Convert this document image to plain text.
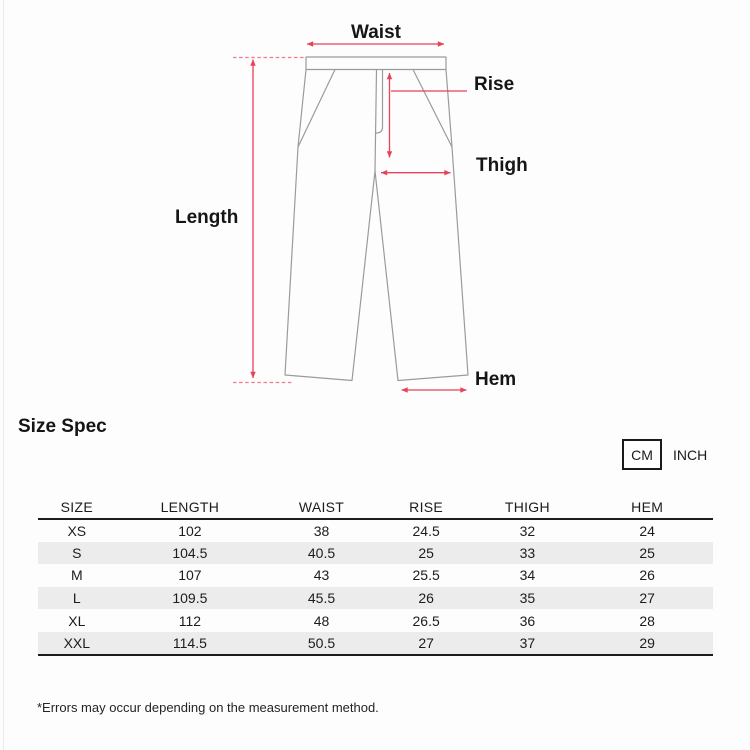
Waist
Rise
Thigh
Length
Hem
Size Spec
CM	INCH
SIZE	LENGTH	WAIST	RISE	THIGH	HEM
XS	102	38	24.5	32	24
S	104.5	40.5	25	33	25
M	107	43	25.5	34	26
L	109.5	45.5	26	35	27
XL	112	48	26.5	36	28
XXL	114.5	50.5	27	37	29
*Errors may occur depending on the measurement method.
